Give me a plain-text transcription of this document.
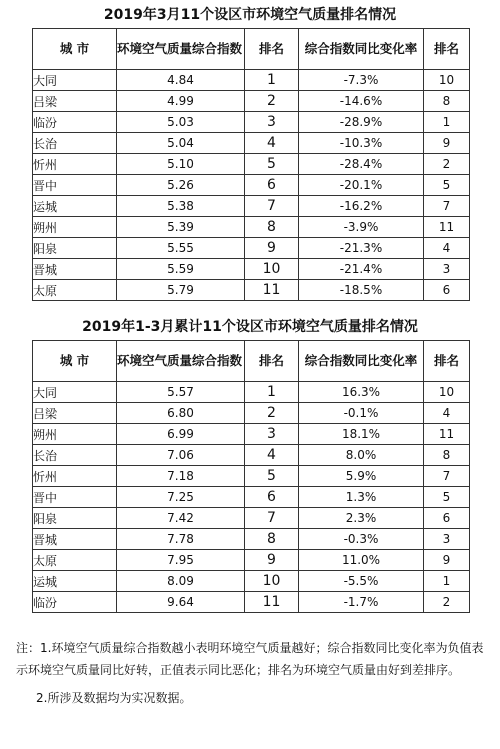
2019年3月11个设区市环境空气质量排名情况
城 市	环境空气质量综合指数	排名	综合指数同比变化率	排名
大同	4.84	1	-7.3%	10
吕梁	4.99	2	-14.6%	8
临汾	5.03	3	-28.9%	1
长治	5.04	4	-10.3%	9
忻州	5.10	5	-28.4%	2
晋中	5.26	6	-20.1%	5
运城	5.38	7	-16.2%	7
朔州	5.39	8	-3.9%	11
阳泉	5.55	9	-21.3%	4
晋城	5.59	10	-21.4%	3
太原	5.79	11	-18.5%	6
2019年1-3月累计11个设区市环境空气质量排名情况
城 市	环境空气质量综合指数	排名	综合指数同比变化率	排名
大同	5.57	1	16.3%	10
吕梁	6.80	2	-0.1%	4
朔州	6.99	3	18.1%	11
长治	7.06	4	8.0%	8
忻州	7.18	5	5.9%	7
晋中	7.25	6	1.3%	5
阳泉	7.42	7	2.3%	6
晋城	7.78	8	-0.3%	3
太原	7.95	9	11.0%	9
运城	8.09	10	-5.5%	1
临汾	9.64	11	-1.7%	2

注：1.环境空气质量综合指数越小表明环境空气质量越好；综合指数同比变化率为负值表示环境空气质量同比好转，正值表示同比恶化；排名为环境空气质量由好到差排序。

2.所涉及数据均为实况数据。
